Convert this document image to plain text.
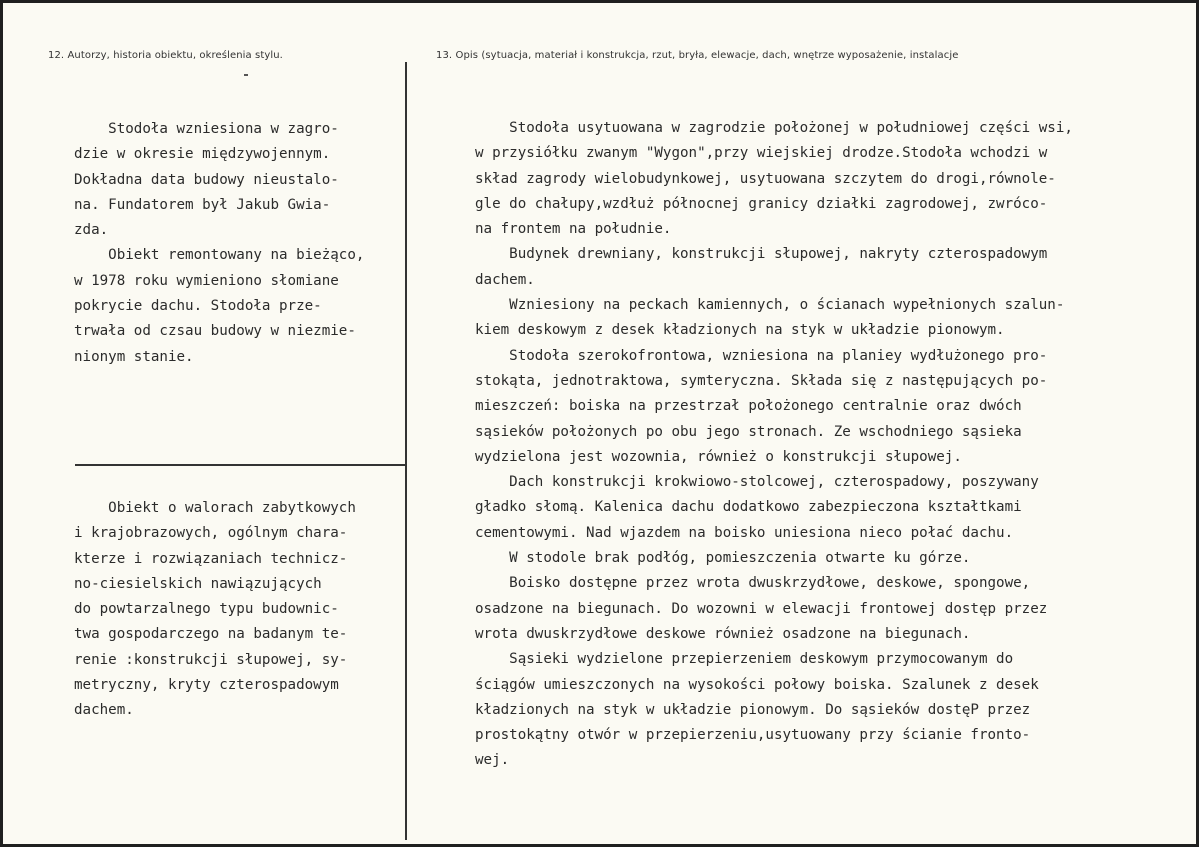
12. Autorzy, historia obiektu, określenia stylu.	13. Opis (sytuacja, materiał i konstrukcja, rzut, bryła, elewacje, dach, wnętrze wyposażenie, instalacje
Stodoła wzniesiona w zagro-
dzie w okresie międzywojennym.
Dokładna data budowy nieustalo-
na. Fundatorem był Jakub Gwia-
zda.
Obiekt remontowany na bieżąco,
w 1978 roku wymieniono słomiane
pokrycie dachu. Stodoła prze-
trwała od czsau budowy w niezmie-
nionym stanie.
Obiekt o walorach zabytkowych
i krajobrazowych, ogólnym chara-
kterze i rozwiązaniach technicz-
no-ciesielskich nawiązujących
do powtarzalnego typu budownic-
twa gospodarczego na badanym te-
renie :konstrukcji słupowej, sy-
metryczny, kryty czterospadowym
dachem.
Stodoła usytuowana w zagrodzie położonej w południowej części wsi,
w przysiółku zwanym "Wygon",przy wiejskiej drodze.Stodoła wchodzi w
skład zagrody wielobudynkowej, usytuowana szczytem do drogi,równole-
gle do chałupy,wzdłuż północnej granicy działki zagrodowej, zwróco-
na frontem na południe.
Budynek drewniany, konstrukcji słupowej, nakryty czterospadowym
dachem.
Wzniesiony na peckach kamiennych, o ścianach wypełnionych szalun-
kiem deskowym z desek kładzionych na styk w układzie pionowym.
Stodoła szerokofrontowa, wzniesiona na planiey wydłużonego pro-
stokąta, jednotraktowa, symteryczna. Składa się z następujących po-
mieszczeń: boiska na przestrzał położonego centralnie oraz dwóch
sąsieków położonych po obu jego stronach. Ze wschodniego sąsieka
wydzielona jest wozownia, również o konstrukcji słupowej.
Dach konstrukcji krokwiowo-stolcowej, czterospadowy, poszywany
gładko słomą. Kalenica dachu dodatkowo zabezpieczona kształtkami
cementowymi. Nad wjazdem na boisko uniesiona nieco połać dachu.
W stodole brak podłóg, pomieszczenia otwarte ku górze.
Boisko dostępne przez wrota dwuskrzydłowe, deskowe, spongowe,
osadzone na biegunach. Do wozowni w elewacji frontowej dostęp przez
wrota dwuskrzydłowe deskowe również osadzone na biegunach.
Sąsieki wydzielone przepierzeniem deskowym przymocowanym do
ściągów umieszczonych na wysokości połowy boiska. Szalunek z desek
kładzionych na styk w układzie pionowym. Do sąsieków dostęP przez
prostokątny otwór w przepierzeniu,usytuowany przy ścianie fronto-
wej.
